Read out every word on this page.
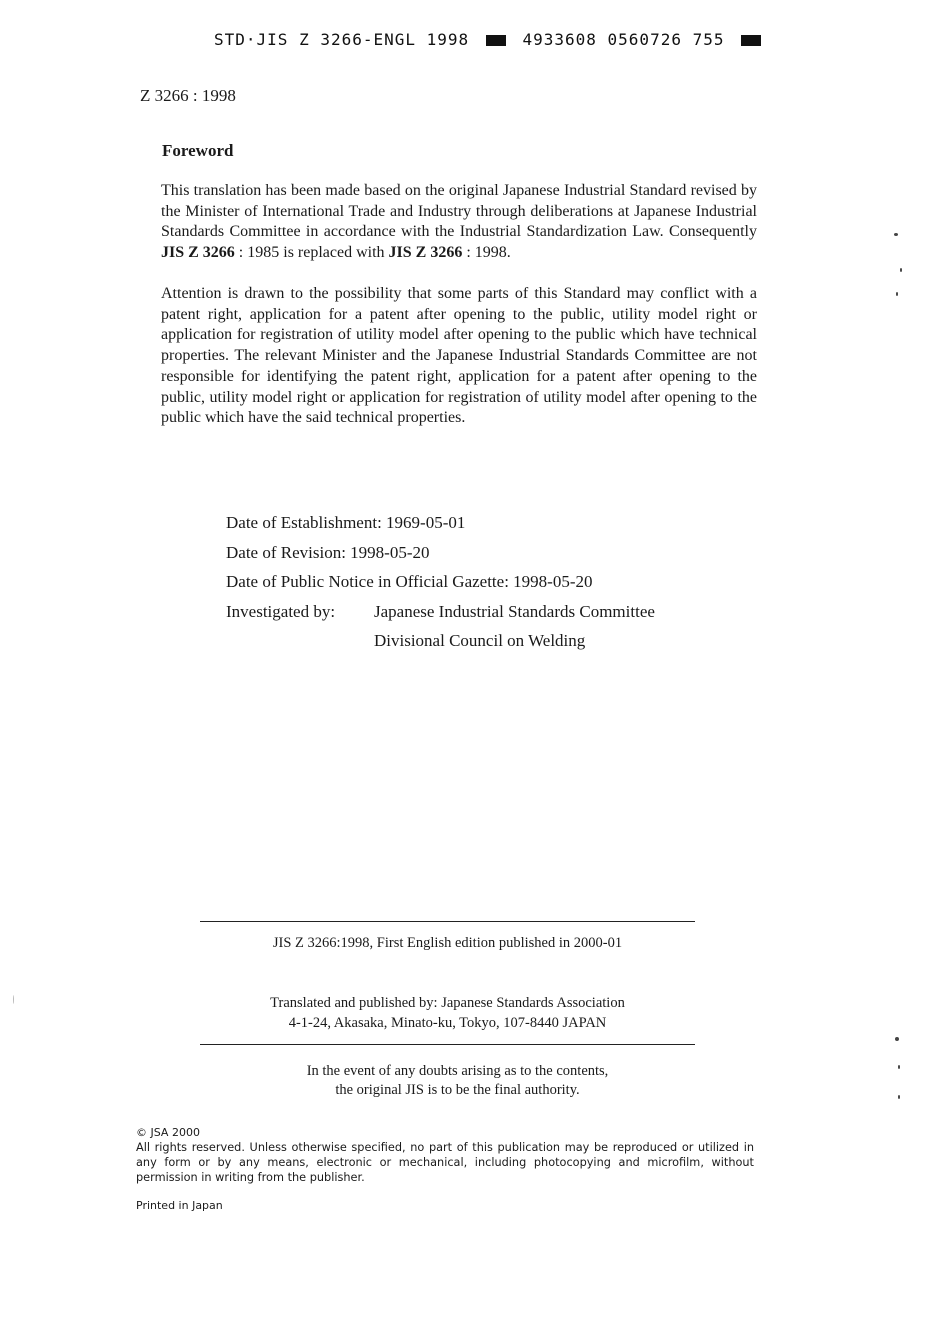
STD·JIS Z 3266-ENGL 1998	4933608 0560726 755

Z 3266 : 1998

Foreword

This translation has been made based on the original Japanese Industrial Standard revised by the Minister of International Trade and Industry through deliberations at Japanese Industrial Standards Committee in accordance with the Industrial Standardization Law. Consequently JIS Z 3266 : 1985 is replaced with JIS Z 3266 : 1998.

Attention is drawn to the possibility that some parts of this Standard may conflict with a patent right, application for a patent after opening to the public, utility model right or application for registration of utility model after opening to the public which have technical properties. The relevant Minister and the Japanese Industrial Standards Committee are not responsible for identifying the patent right, application for a patent after opening to the public, utility model right or application for registration of utility model after opening to the public which have the said technical properties.

Date of Establishment: 1969-05-01
Date of Revision: 1998-05-20
Date of Public Notice in Official Gazette: 1998-05-20
Investigated by: Japanese Industrial Standards Committee
Divisional Council on Welding

JIS Z 3266:1998, First English edition published in 2000-01

Translated and published by: Japanese Standards Association
4-1-24, Akasaka, Minato-ku, Tokyo, 107-8440 JAPAN
In the event of any doubts arising as to the contents,
the original JIS is to be the final authority.

© JSA 2000

All rights reserved. Unless otherwise specified, no part of this publication may be reproduced or utilized in any form or by any means, electronic or mechanical, including photocopying and microfilm, without permission in writing from the publisher.

Printed in Japan
